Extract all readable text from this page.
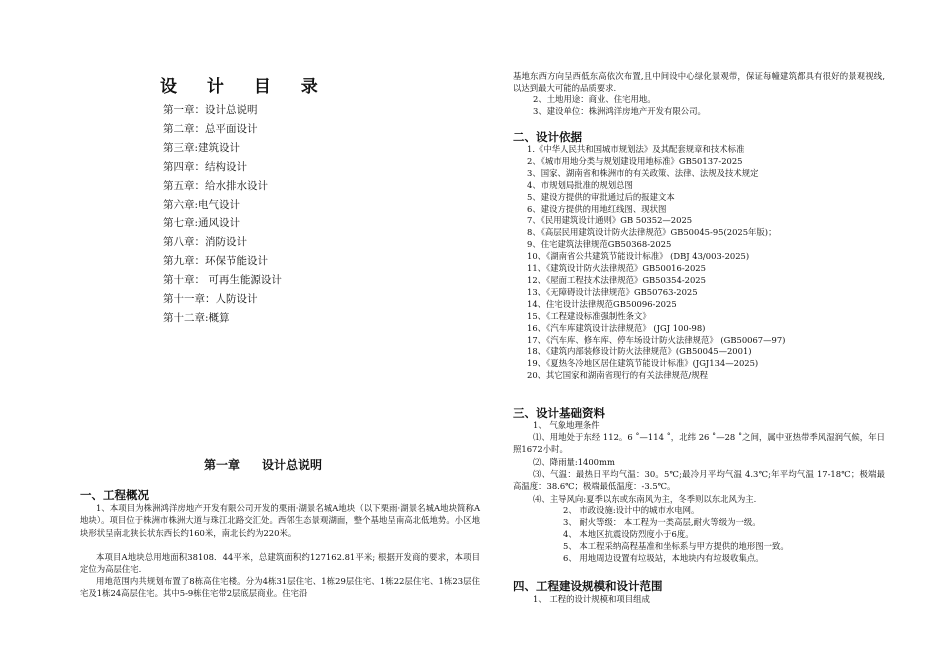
设 计 目 录
第一章：设计总说明
第二章：总平面设计
第三章:建筑设计
第四章：结构设计
第五章：给水排水设计
第六章:电气设计
第七章:通风设计
第八章：消防设计
第九章：环保节能设计
第十章： 可再生能源设计
第十一章：人防设计
第十二章:概算
第一章 设计总说明
一、工程概况
1、本项目为株洲鸿洋房地产开发有限公司开发的栗雨·湖景名城A地块（以下栗雨·湖景名城A地块简称A地块）。项目位于株洲市株洲大道与珠江北路交汇处。西邻生态景观湖面，整个基地呈南高北低地势。小区地块形状呈南北狭长状东西长约160米，南北长约为220米。
本项目A地块总用地面积38108．44平米，总建筑面积约127162.81平米; 根据开发商的要求，本项目定位为高层住宅.
用地范围内共规划布置了8栋高住宅楼。分为4栋31层住宅、1栋29层住宅、1栋22层住宅、1栋23层住宅及1栋24高层住宅。其中5-9栋住宅带2层底层商业。住宅沿
基地东西方向呈西低东高依次布置,且中间设中心绿化景观带，保证每幢建筑都具有很好的景观视线,以达到最大可能的品质要求.
2、土地用途：商业、住宅用地。
3、建设单位：株洲鸿洋房地产开发有限公司。
二、设计依据
1.《中华人民共和国城市规划法》及其配套规章和技术标准
2、《城市用地分类与规划建设用地标准》GB50137-2025
3、国家、湖南省和株洲市的有关政策、法律、法规及技术规定
4、市规划局批准的规划总图
5、建设方提供的审批通过后的报建文本
6、建设方提供的用地红线图、现状图
7、《民用建筑设计通则》GB 50352—2025
8、《高层民用建筑设计防火法律规范》GB50045-95(2025年版)；
9、住宅建筑法律规范GB50368-2025
10、《湖南省公共建筑节能设计标准》 (DBJ 43/003-2025)
11、《建筑设计防火法律规范》GB50016-2025
12、《屋面工程技术法律规范》GB50354-2025
13、《无障碍设计法律规范》GB50763-2025
14、住宅设计法律规范GB50096-2025
15、《工程建设标准强制性条文》
16、《汽车库建筑设计法律规范》 (JGJ 100-98)
17、《汽车库、修车库、停车场设计防火法律规范》 (GB50067—97)
18、《建筑内部装修设计防火法律规范》(GB50045—2001)
19、《夏热冬冷地区居住建筑节能设计标准》(JGJ134—2025)
20、其它国家和湖南省现行的有关法律规范/规程
三、设计基础资料
1、 气象地理条件
⑴、用地处于东经 112。6 ˚—114 ˚，北纬 26 ˚—28 ˚之间，属中亚热带季风湿润气候，年日照1672小时。
⑵、降雨量:1400mm
⑶、气温：最热日平均气温：30。5℃;最冷月平均气温 4.3℃;年平均气温 17-18℃；极端最高温度：38.6℃；极端最低温度：-3.5℃。
⑷、主导风向:夏季以东或东南风为主，冬季则以东北风为主.
2、 市政设施:设计中的城市水电网。
3、 耐火等级： 本工程为一类高层,耐火等级为一级。
4、 本地区抗震设防烈度小于6度。
5、 本工程采纳高程基准和坐标系与甲方提供的地形图一致。
6、 用地周边设置有垃圾站，本地块内有垃圾收集点。
四、工程建设规模和设计范围
1、 工程的设计规模和项目组成
